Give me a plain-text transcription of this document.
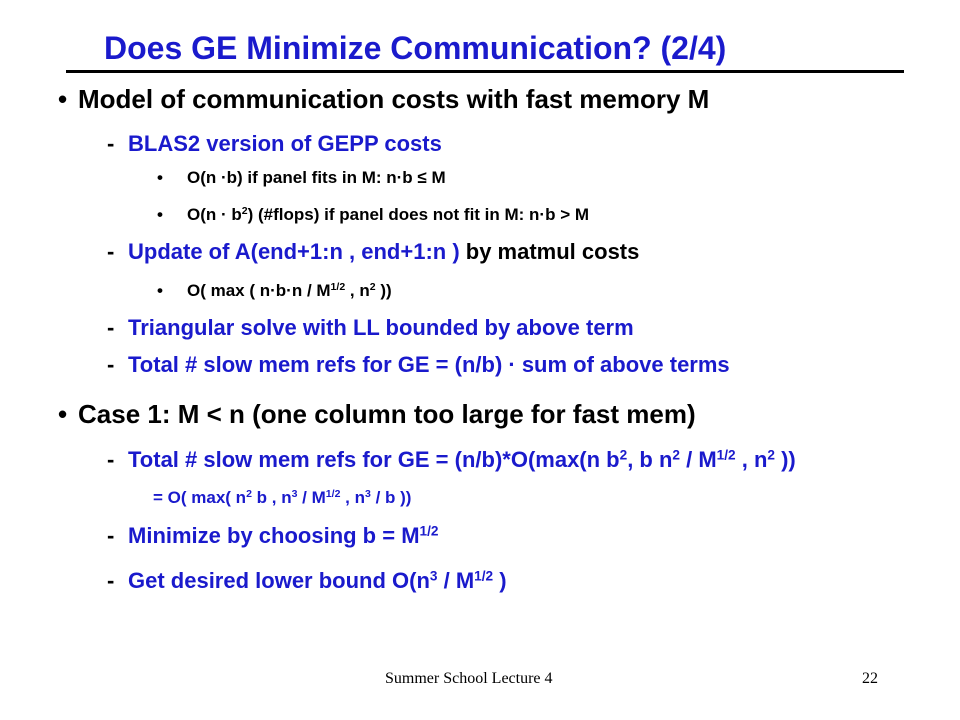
Does GE Minimize Communication? (2/4)
• Model of communication costs with fast memory M
- BLAS2 version of GEPP costs
• O(n ·b) if panel fits in M: n·b ≤ M
• $O(n \cdot b^2)$ (#flops) if panel does not fit in M: n·b > M
- Update of A(end+1:n , end+1:n ) by matmul costs
• O( max ( $n\cdot b\cdot n / M^{1/2}$ , $n^2$ ))
- Triangular solve with LL bounded by above term
- Total # slow mem refs for GE = (n/b) · sum of above terms
• Case 1: M < n (one column too large for fast mem)
- Total # slow mem refs for GE = (n/b)*O(max(n $b^2$, b $n^2 / M^{1/2}$ , $n^2$ ))
= O( max( $n^2$ b , $n^3 / M^{1/2}$ , $n^3$ / b ))
- Minimize by choosing $b = M^{1/2}$
- Get desired lower bound $O(n^3 / M^{1/2}$ )
Summer School Lecture 4	22
